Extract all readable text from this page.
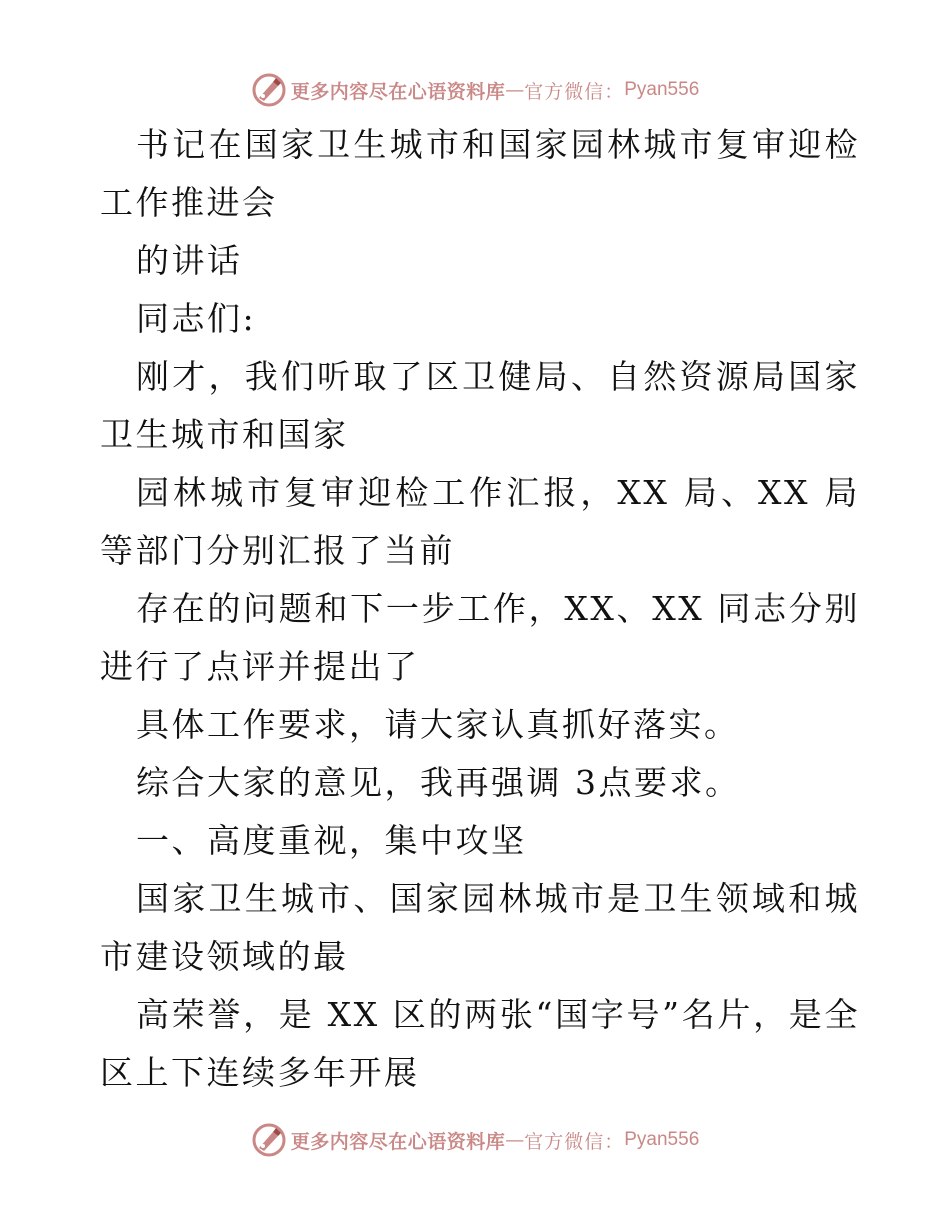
更多内容尽在心语资料库 — 官方微信： Pyan556

书记在国家卫生城市和国家园林城市复审迎检工作推进会

的讲话

同志们:

刚才，我们听取了区卫健局、自然资源局国家卫生城市和国家

园林城市复审迎检工作汇报，XX 局、XX 局等部门分别汇报了当前

存在的问题和下一步工作，XX、XX 同志分别进行了点评并提出了

具体工作要求，请大家认真抓好落实。

综合大家的意见，我再强调 3点要求。

一、高度重视，集中攻坚

国家卫生城市、国家园林城市是卫生领域和城市建设领域的最

高荣誉，是 XX 区的两张“国字号”名片，是全区上下连续多年开展

更多内容尽在心语资料库 — 官方微信： Pyan556
